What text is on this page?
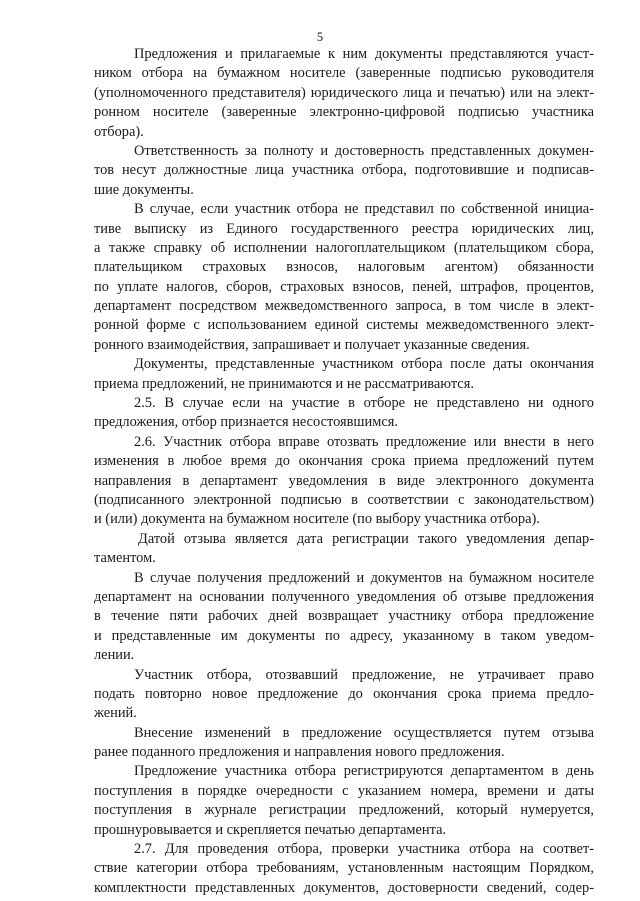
5
Предложения и прилагаемые к ним документы представляются участ-
ником отбора на бумажном носителе (заверенные подписью руководителя
(уполномоченного представителя) юридического лица и печатью) или на элект-
ронном носителе (заверенные электронно-цифровой подписью участника
отбора).
Ответственность за полноту и достоверность представленных докумен-
тов несут должностные лица участника отбора, подготовившие и подписав-
шие документы.
В случае, если участник отбора не представил по собственной инициа-
тиве выписку из Единого государственного реестра юридических лиц,
а также справку об исполнении налогоплательщиком (плательщиком сбора,
плательщиком страховых взносов, налоговым агентом) обязанности
по уплате налогов, сборов, страховых взносов, пеней, штрафов, процентов,
департамент посредством межведомственного запроса, в том числе в элект-
ронной форме с использованием единой системы межведомственного элект-
ронного взаимодействия, запрашивает и получает указанные сведения.
Документы, представленные участником отбора после даты окончания
приема предложений, не принимаются и не рассматриваются.
2.5. В случае если на участие в отборе не представлено ни одного
предложения, отбор признается несостоявшимся.
2.6. Участник отбора вправе отозвать предложение или внести в него
изменения в любое время до окончания срока приема предложений путем
направления в департамент уведомления в виде электронного документа
(подписанного электронной подписью в соответствии с законодательством)
и (или) документа на бумажном носителе (по выбору участника отбора).
Датой отзыва является дата регистрации такого уведомления депар-
таментом.
В случае получения предложений и документов на бумажном носителе
департамент на основании полученного уведомления об отзыве предложения
в течение пяти рабочих дней возвращает участнику отбора предложение
и представленные им документы по адресу, указанному в таком уведом-
лении.
Участник отбора, отозвавший предложение, не утрачивает право
подать повторно новое предложение до окончания срока приема предло-
жений.
Внесение изменений в предложение осуществляется путем отзыва
ранее поданного предложения и направления нового предложения.
Предложение участника отбора регистрируются департаментом в день
поступления в порядке очередности с указанием номера, времени и даты
поступления в журнале регистрации предложений, который нумеруется,
прошнуровывается и скрепляется печатью департамента.
2.7. Для проведения отбора, проверки участника отбора на соответ-
ствие категории отбора требованиям, установленным настоящим Порядком,
комплектности представленных документов, достоверности сведений, содер-
